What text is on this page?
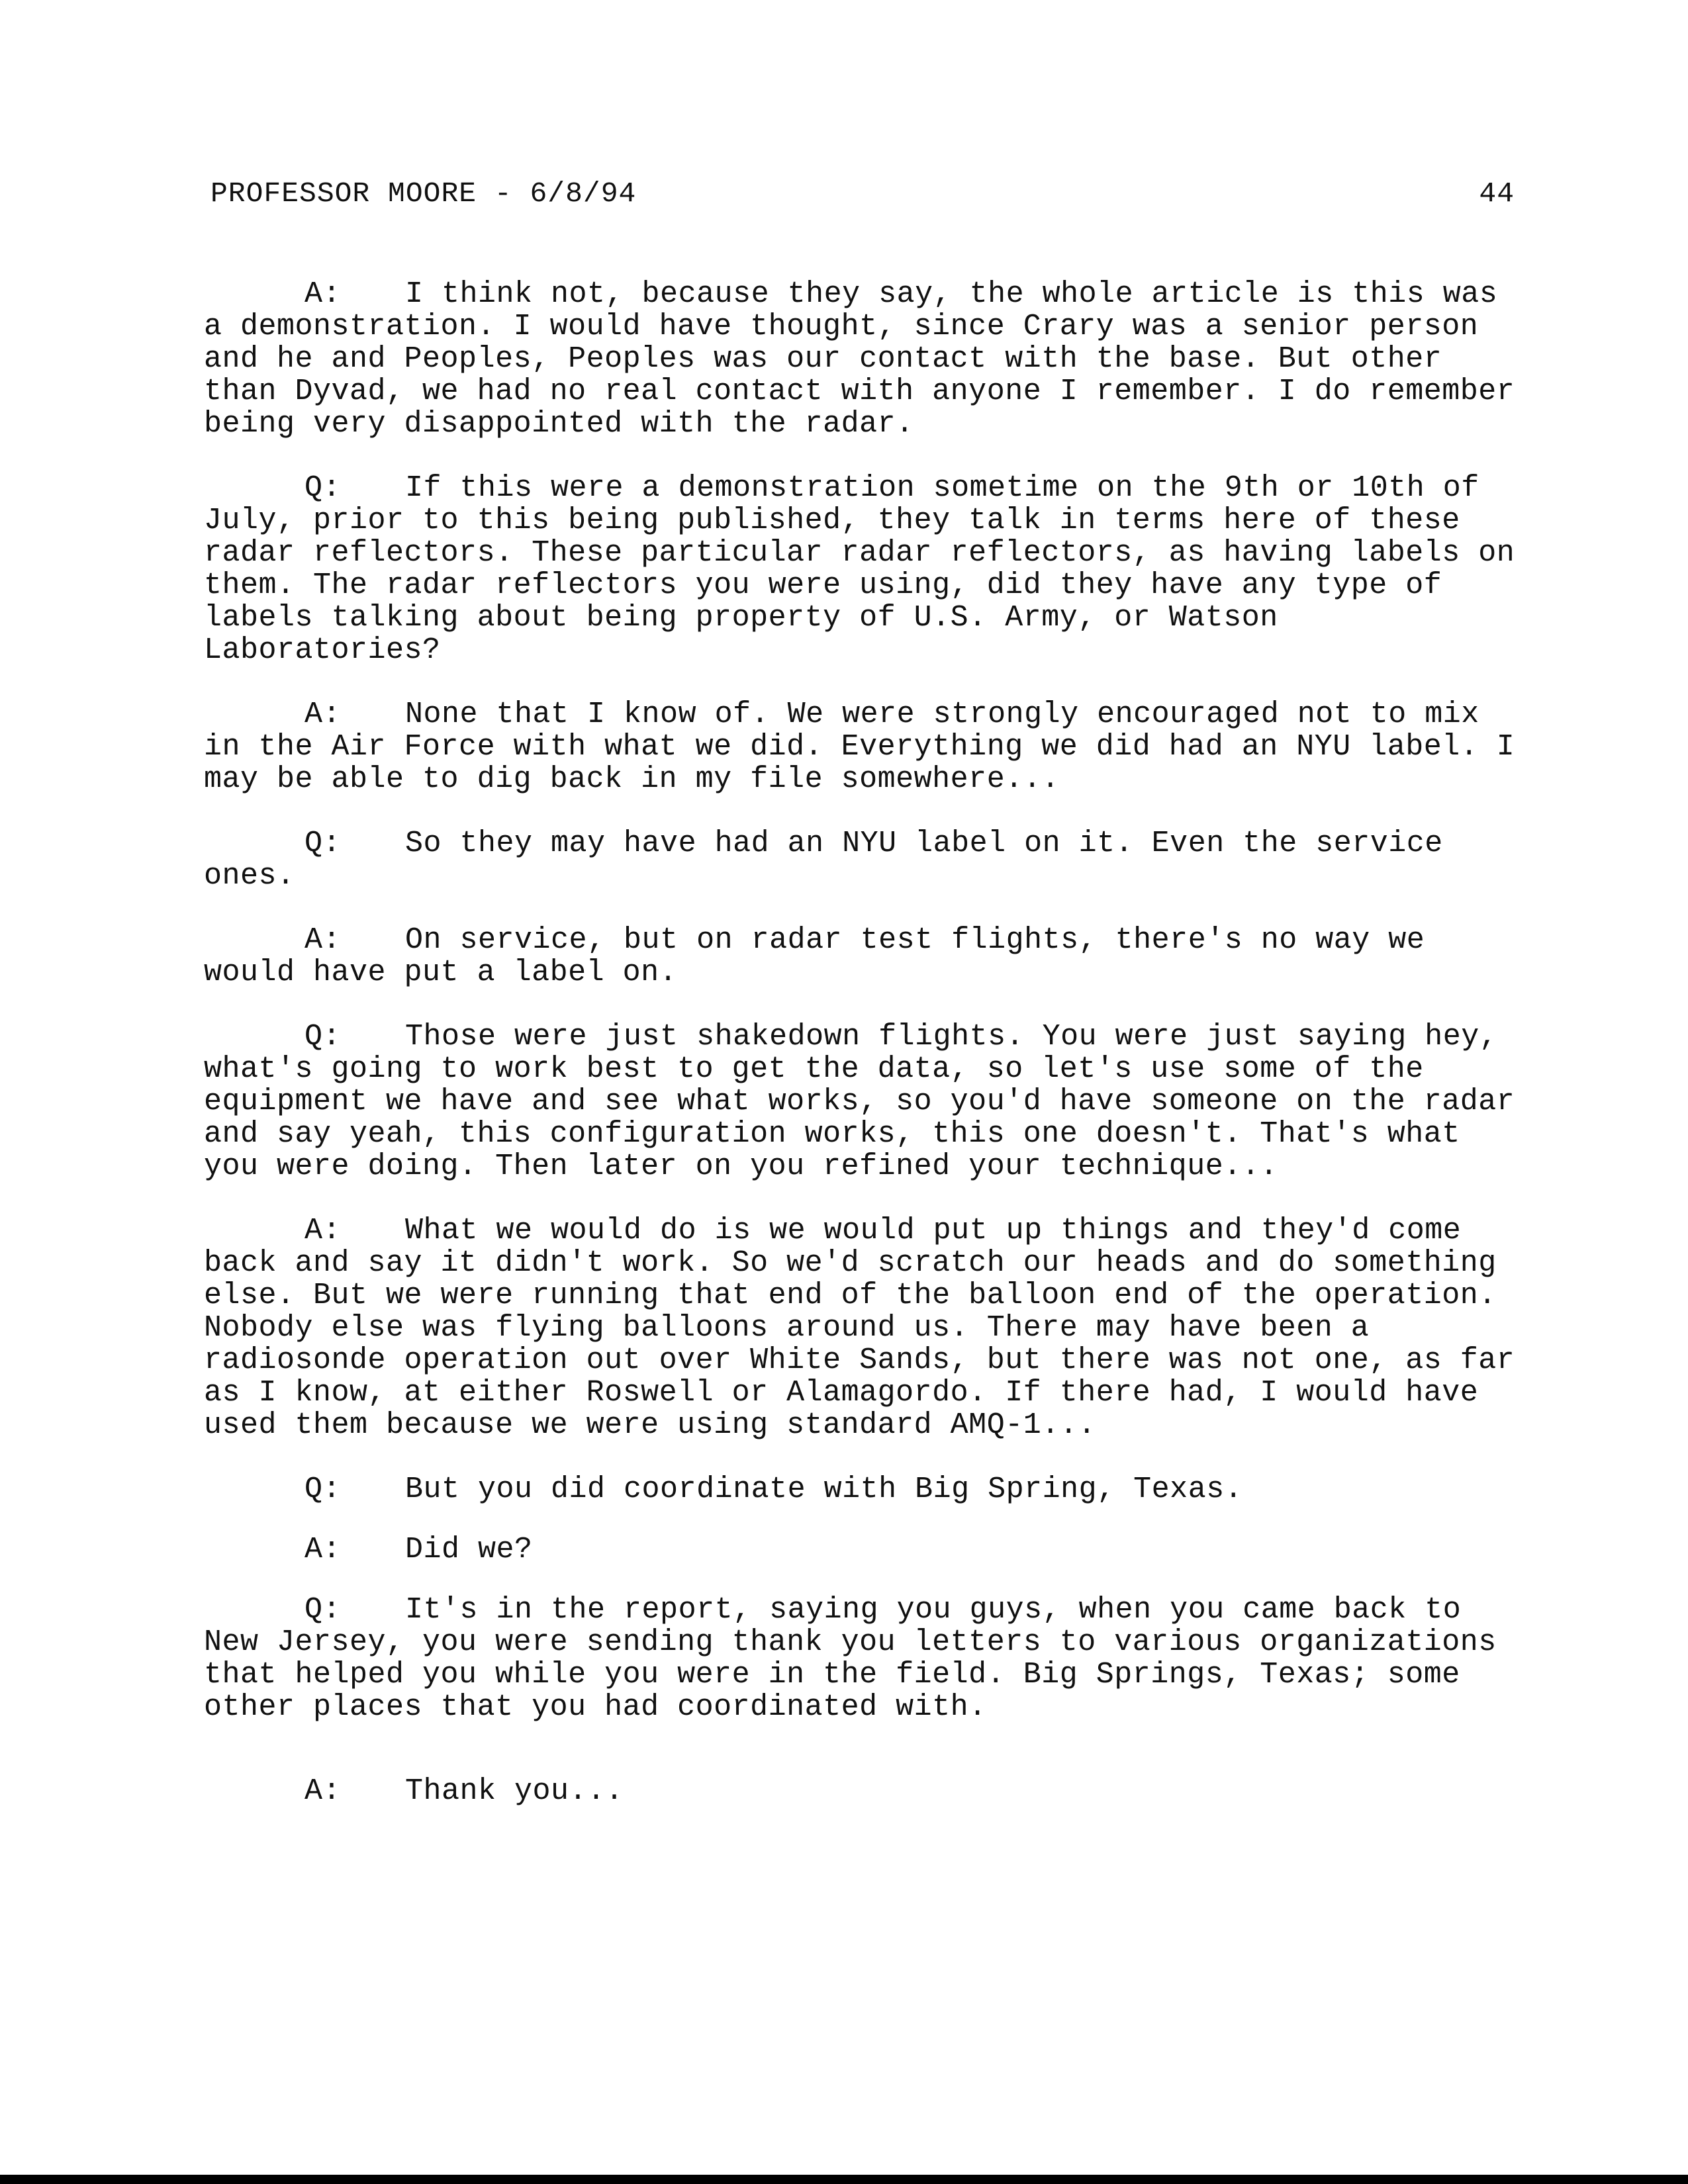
PROFESSOR MOORE - 6/8/94	44

A: I think not, because they say, the whole article is this was a demonstration. I would have thought, since Crary was a senior person and he and Peoples, Peoples was our contact with the base. But other than Dyvad, we had no real contact with anyone I remember. I do remember being very disappointed with the radar.

Q: If this were a demonstration sometime on the 9th or 10th of July, prior to this being published, they talk in terms here of these radar reflectors. These particular radar reflectors, as having labels on them. The radar reflectors you were using, did they have any type of labels talking about being property of U.S. Army, or Watson Laboratories?

A: None that I know of. We were strongly encouraged not to mix in the Air Force with what we did. Everything we did had an NYU label. I may be able to dig back in my file somewhere...

Q: So they may have had an NYU label on it. Even the service ones.

A: On service, but on radar test flights, there's no way we would have put a label on.

Q: Those were just shakedown flights. You were just saying hey, what's going to work best to get the data, so let's use some of the equipment we have and see what works, so you'd have someone on the radar and say yeah, this configuration works, this one doesn't. That's what you were doing. Then later on you refined your technique...

A: What we would do is we would put up things and they'd come back and say it didn't work. So we'd scratch our heads and do something else. But we were running that end of the balloon end of the operation. Nobody else was flying balloons around us. There may have been a radiosonde operation out over White Sands, but there was not one, as far as I know, at either Roswell or Alamagordo. If there had, I would have used them because we were using standard AMQ-1...

Q: But you did coordinate with Big Spring, Texas.

A: Did we?

Q: It's in the report, saying you guys, when you came back to New Jersey, you were sending thank you letters to various organizations that helped you while you were in the field. Big Springs, Texas; some other places that you had coordinated with.

A: Thank you...
